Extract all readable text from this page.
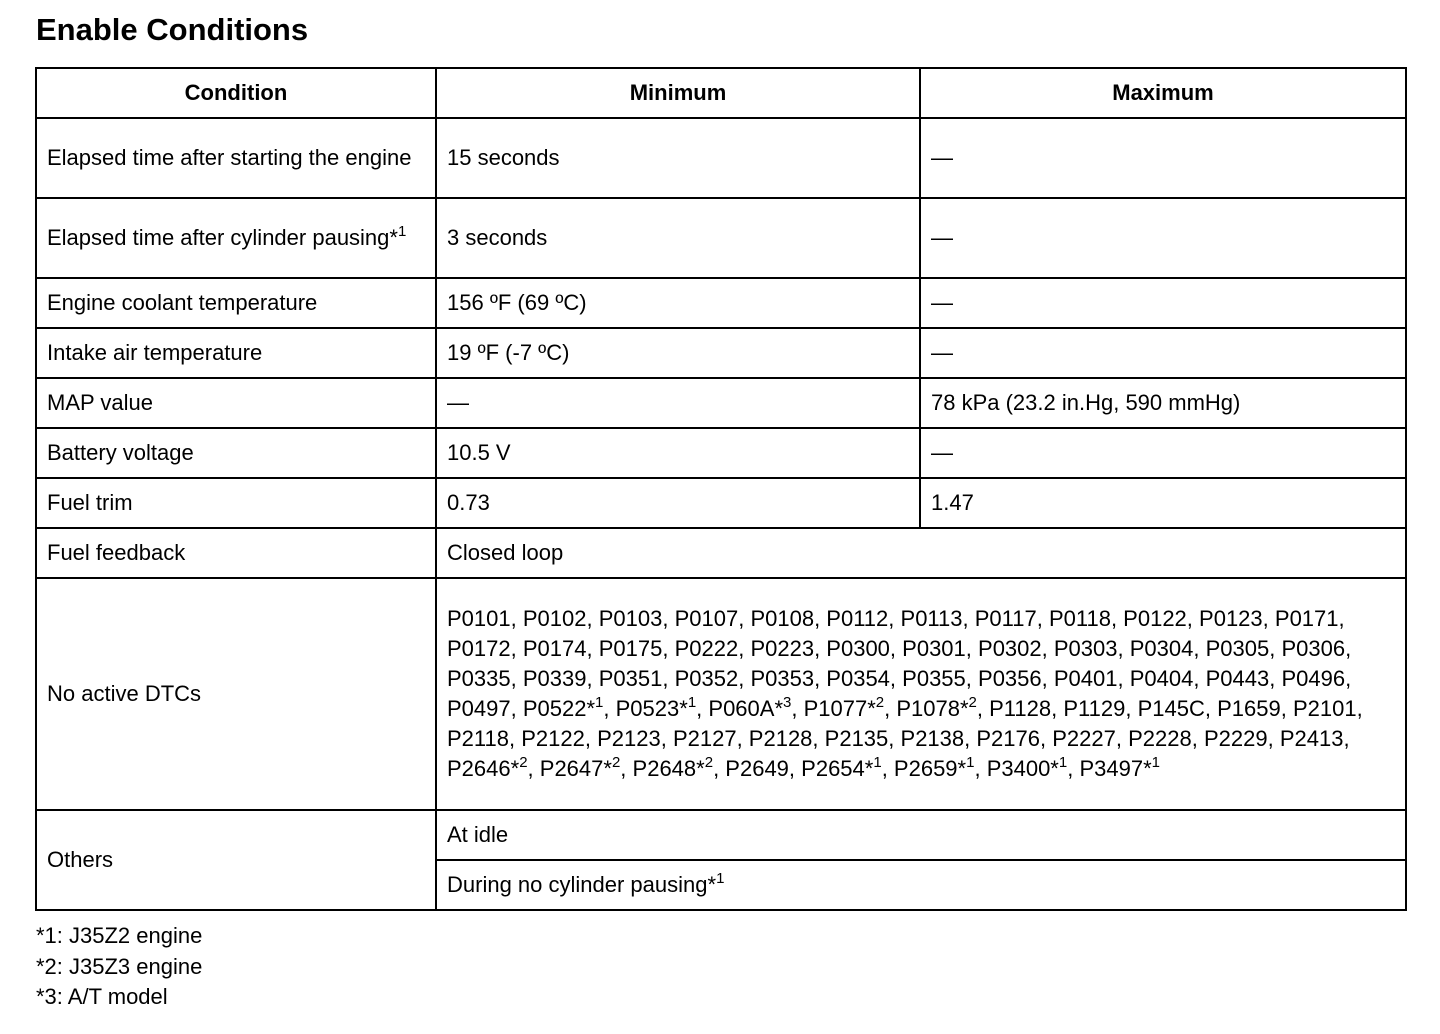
Enable Conditions
Condition	Minimum	Maximum
Elapsed time after starting the engine	15 seconds	—
Elapsed time after cylinder pausing*$^1$	3 seconds	—
Engine coolant temperature	156 ºF (69 ºC)	—
Intake air temperature	19 ºF (-7 ºC)	—
MAP value	—	78 kPa (23.2 in.Hg, 590 mmHg)
Battery voltage	10.5 V	—
Fuel trim	0.73	1.47
Fuel feedback	Closed loop	
No active DTCs	P0101, P0102, P0103, P0107, P0108, P0112, P0113, P0117, P0118, P0122, P0123, P0171, P0172, P0174, P0175, P0222, P0223, P0300, P0301, P0302, P0303, P0304, P0305, P0306, P0335, P0339, P0351, P0352, P0353, P0354, P0355, P0356, P0401, P0404, P0443, P0496, P0497, P0522*$^1$, P0523*$^1$, P060A*$^3$, P1077*$^2$, P1078*$^2$, P1128, P1129, P145C, P1659, P2101, P2118, P2122, P2123, P2127, P2128, P2135, P2138, P2176, P2227, P2228, P2229, P2413, P2646*$^2$, P2647*$^2$, P2648*$^2$, P2649, P2654*$^1$, P2659*$^1$, P3400*$^1$, P3497*$^1$

Others	At idle	
	During no cylinder pausing*$^1$
*1: J35Z2 engine
*2: J35Z3 engine
*3: A/T model
